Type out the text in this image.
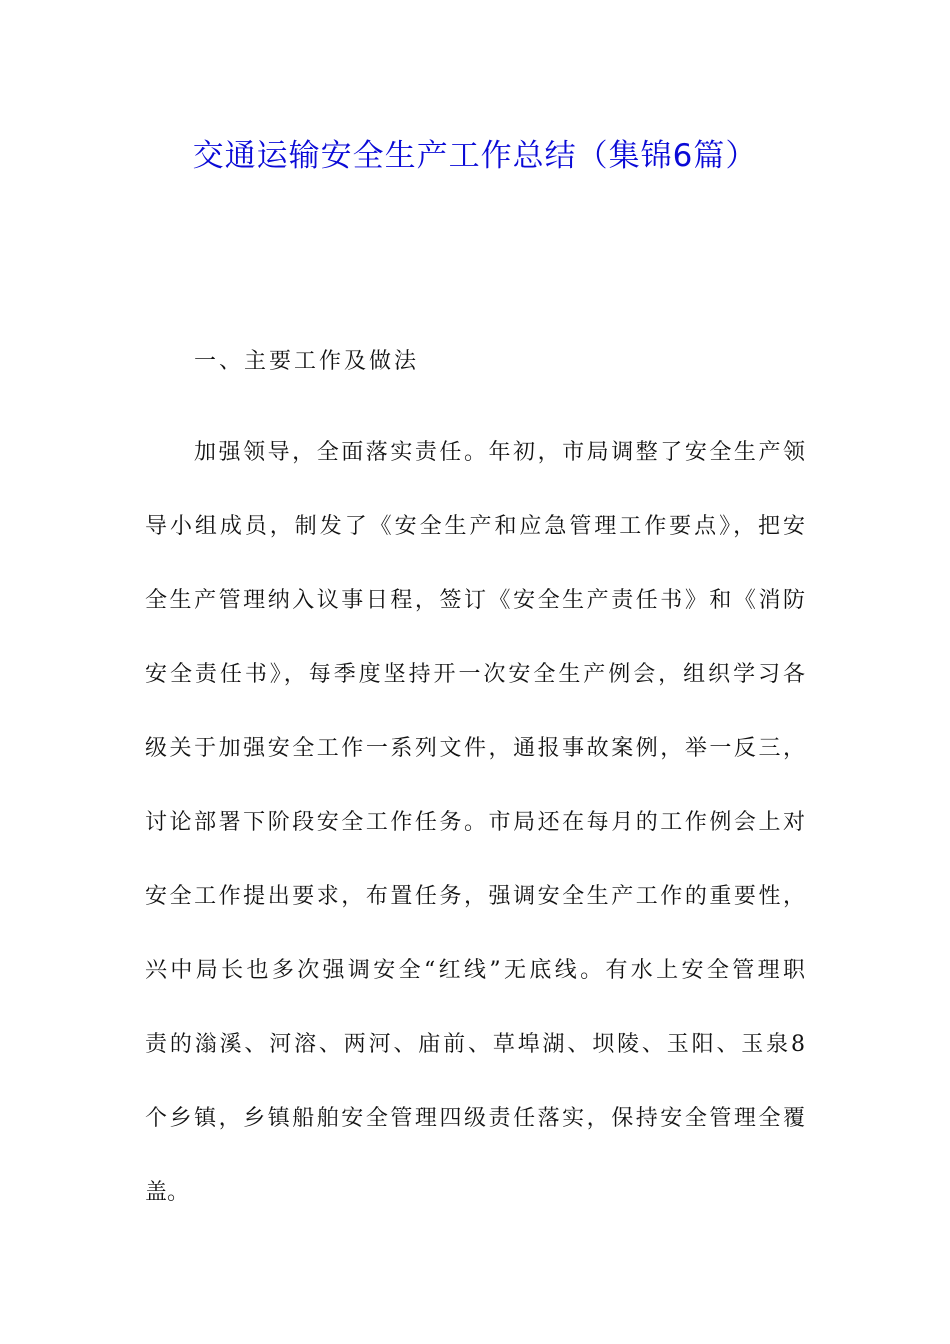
交通运输安全生产工作总结（集锦6篇）
一、主要工作及做法
加强领导，全面落实责任。年初，市局调整了安全生产领
导小组成员，制发了《安全生产和应急管理工作要点》，把安
全生产管理纳入议事日程，签订《安全生产责任书》和《消防
安全责任书》，每季度坚持开一次安全生产例会，组织学习各
级关于加强安全工作一系列文件，通报事故案例，举一反三，
讨论部署下阶段安全工作任务。市局还在每月的工作例会上对
安全工作提出要求，布置任务，强调安全生产工作的重要性，
兴中局长也多次强调安全“红线”无底线。有水上安全管理职
责的滃溪、河溶、两河、庙前、草埠湖、坝陵、玉阳、玉泉8
个乡镇，乡镇船舶安全管理四级责任落实，保持安全管理全覆
盖。
